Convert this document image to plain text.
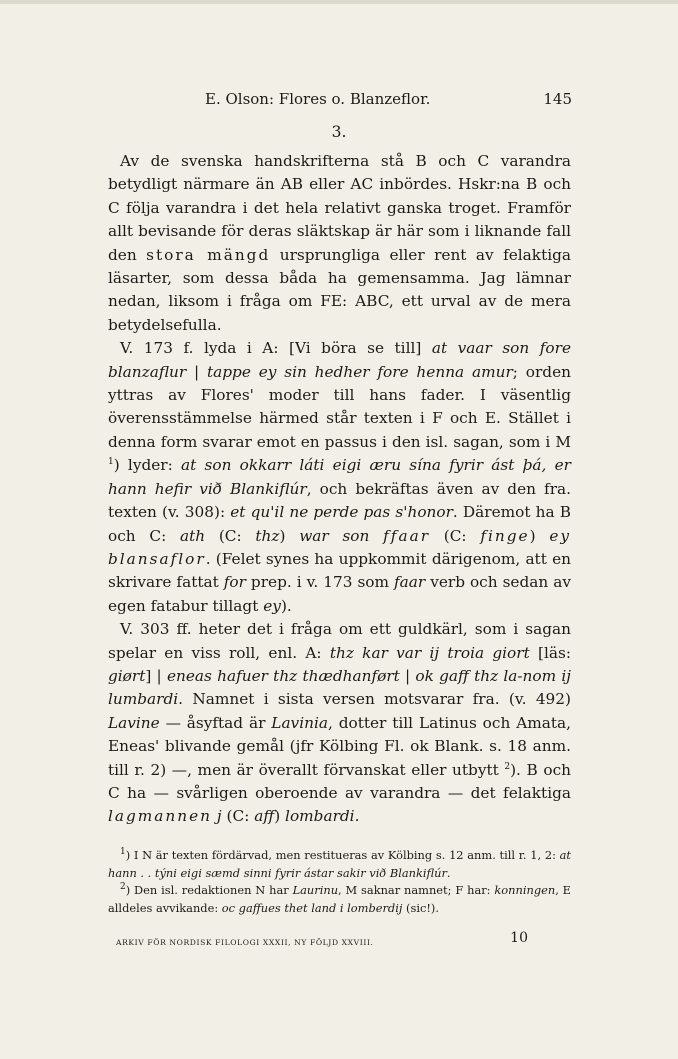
E. Olson: Flores o. Blanzeflor.	145
3.

Av de svenska handskrifterna stå B och C varandra betydligt närmare än AB eller AC inbördes. Hskr:na B och C följa varandra i det hela relativt ganska troget. Framför allt bevisande för deras släktskap är här som i liknande fall den stora mängd ursprungliga eller rent av felaktiga läsarter, som dessa båda ha gemensamma. Jag lämnar nedan, liksom i fråga om FE: ABC, ett urval av de mera betydelsefulla.

V. 173 f. lyda i A: [Vi böra se till] at vaar son fore blanzaflur | tappe ey sin hedher fore henna amur; orden yttras av Flores' moder till hans fader. I väsentlig överensstämmelse härmed står texten i F och E. Stället i denna form svarar emot en passus i den isl. sagan, som i M $^1$) lyder: at son okkarr láti eigi æru sína fyrir ást þá, er hann hefir við Blankiflúr, och bekräftas även av den fra. texten (v. 308): et qu'il ne perde pas s'honor. Däremot ha B och C: ath (C: thz) war son ffaar (C: finge) ey blansaflor. (Felet synes ha uppkommit därigenom, att en skrivare fattat for prep. i v. 173 som faar verb och sedan av egen fatabur tillagt ey).

V. 303 ff. heter det i fråga om ett guldkärl, som i sagan spelar en viss roll, enl. A: thz kar var ij troia giort [läs: giørt] | eneas hafuer thz thædhanført | ok gaff thz la-nom ij lumbardi. Namnet i sista versen motsvarar fra. (v. 492) Lavine — åsyftad är Lavinia, dotter till Latinus och Amata, Eneas' blivande gemål (jfr Kölbing Fl. ok Blank. s. 18 anm. till r. 2) —, men är överallt förvanskat eller utbytt $^2$). B och C ha — svårligen oberoende av varandra — det felaktiga lagmannen j (C: aff) lombardi.

$^1$) I N är texten fördärvad, men restitueras av Kölbing s. 12 anm. till r. 1, 2: at hann . . týni eigi sæmd sinni fyrir ástar sakir við Blankiflúr.

$^2$) Den isl. redaktionen N har Laurinu, M saknar namnet; F har: konningen, E alldeles avvikande: oc gaffues thet land i lomberdij (sic!).

ARKIV FÖR NORDISK FILOLOGI XXXII, NY FÖLJD XXVIII.	10
